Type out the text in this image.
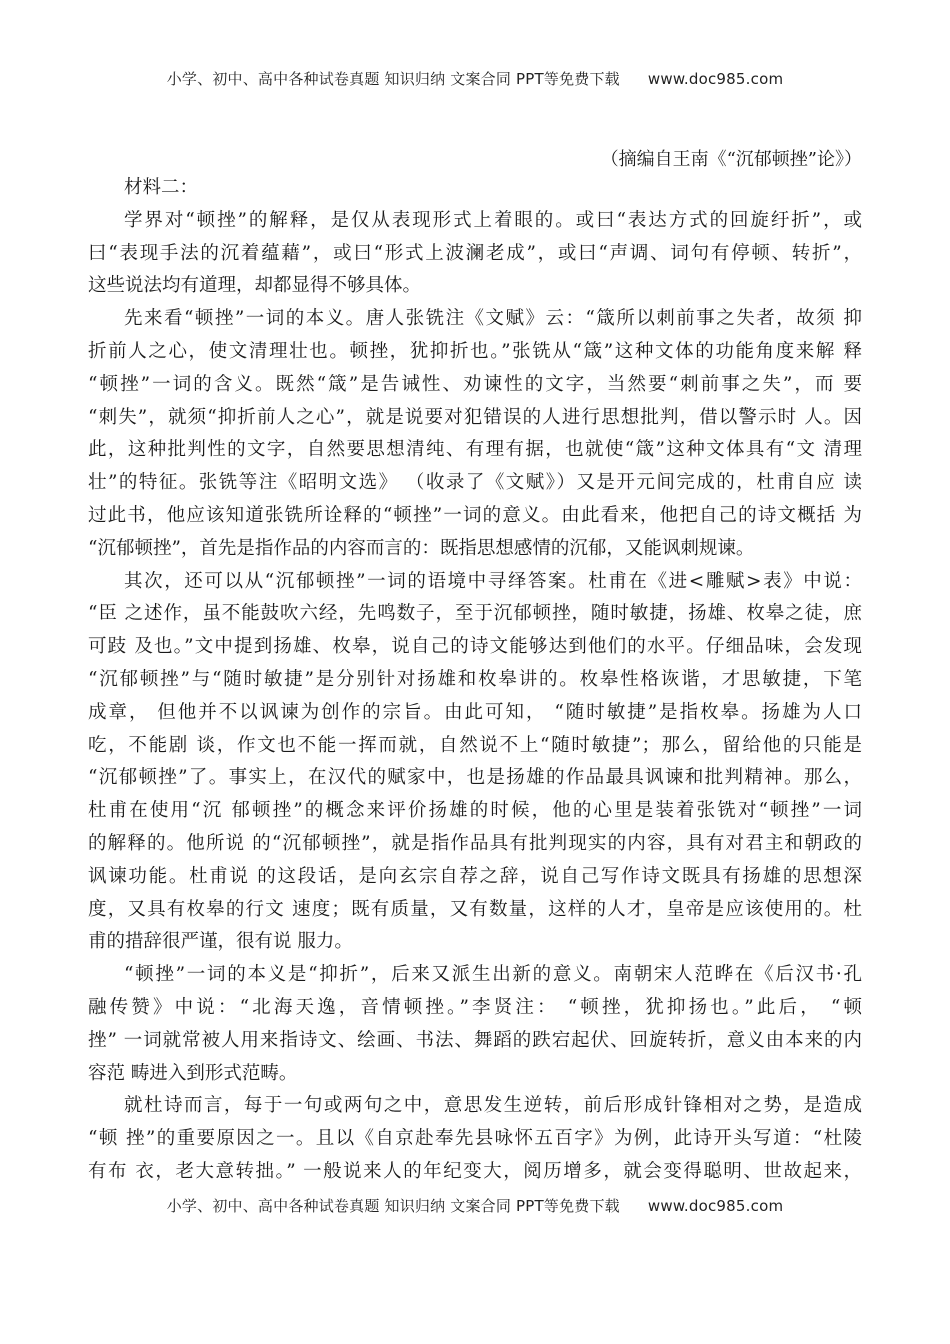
小学、初中、高中各种试卷真题 知识归纳 文案合同 PPT等免费下载 www.doc985.com
（摘编自王南《“沉郁顿挫”论》）
材料二：
学界对“顿挫”的解释，是仅从表现形式上着眼的。或曰“表达方式的回旋纡折”，或
曰“表现手法的沉着蕴藉”，或曰“形式上波澜老成”，或曰“声调、词句有停顿、转折”，
这些说法均有道理，却都显得不够具体。
先来看“顿挫”一词的本义。唐人张铣注《文赋》云：“箴所以刺前事之失者，故须 抑
折前人之心，使文清理壮也。顿挫，犹抑折也。”张铣从“箴”这种文体的功能角度来解 释
“顿挫”一词的含义。既然“箴”是告诫性、劝谏性的文字，当然要“刺前事之失”，而 要
“刺失”，就须“抑折前人之心”，就是说要对犯错误的人进行思想批判，借以警示时 人。因
此，这种批判性的文字，自然要思想清纯、有理有据，也就使“箴”这种文体具有“文 清理
壮”的特征。张铣等注《昭明文选》 （收录了《文赋》）又是开元间完成的，杜甫自应 读
过此书，他应该知道张铣所诠释的“顿挫”一词的意义。由此看来，他把自己的诗文概括 为
“沉郁顿挫”，首先是指作品的内容而言的：既指思想感情的沉郁，又能讽刺规谏。
其次，还可以从“沉郁顿挫”一词的语境中寻绎答案。杜甫在《进<雕赋>表》中说：
“臣 之述作，虽不能鼓吹六经，先鸣数子，至于沉郁顿挫，随时敏捷，扬雄、枚皋之徒，庶
可跂 及也。”文中提到扬雄、枚皋，说自己的诗文能够达到他们的水平。仔细品味，会发现
“沉郁顿挫”与“随时敏捷”是分别针对扬雄和枚皋讲的。枚皋性格诙谐，才思敏捷，下笔
成章， 但他并不以讽谏为创作的宗旨。由此可知， “随时敏捷”是指枚皋。扬雄为人口
吃，不能剧 谈，作文也不能一挥而就，自然说不上“随时敏捷”；那么，留给他的只能是
“沉郁顿挫”了。事实上，在汉代的赋家中，也是扬雄的作品最具讽谏和批判精神。那么，
杜甫在使用“沉 郁顿挫”的概念来评价扬雄的时候，他的心里是装着张铣对“顿挫”一词
的解释的。他所说 的“沉郁顿挫”，就是指作品具有批判现实的内容，具有对君主和朝政的
讽谏功能。杜甫说 的这段话，是向玄宗自荐之辞，说自己写作诗文既具有扬雄的思想深
度，又具有枚皋的行文 速度；既有质量，又有数量，这样的人才，皇帝是应该使用的。杜
甫的措辞很严谨，很有说 服力。
“顿挫”一词的本义是“抑折”，后来又派生出新的意义。南朝宋人范晔在《后汉书·孔
融传赞》中说：“北海天逸，音情顿挫。”李贤注： “顿挫，犹抑扬也。”此后， “顿
挫” 一词就常被人用来指诗文、绘画、书法、舞蹈的跌宕起伏、回旋转折，意义由本来的内
容范 畴进入到形式范畴。
就杜诗而言，每于一句或两句之中，意思发生逆转，前后形成针锋相对之势，是造成
“顿 挫”的重要原因之一。且以《自京赴奉先县咏怀五百字》为例，此诗开头写道：“杜陵
有布 衣，老大意转拙。” 一般说来人的年纪变大，阅历增多，就会变得聪明、世故起来，
小学、初中、高中各种试卷真题 知识归纳 文案合同 PPT等免费下载 www.doc985.com
